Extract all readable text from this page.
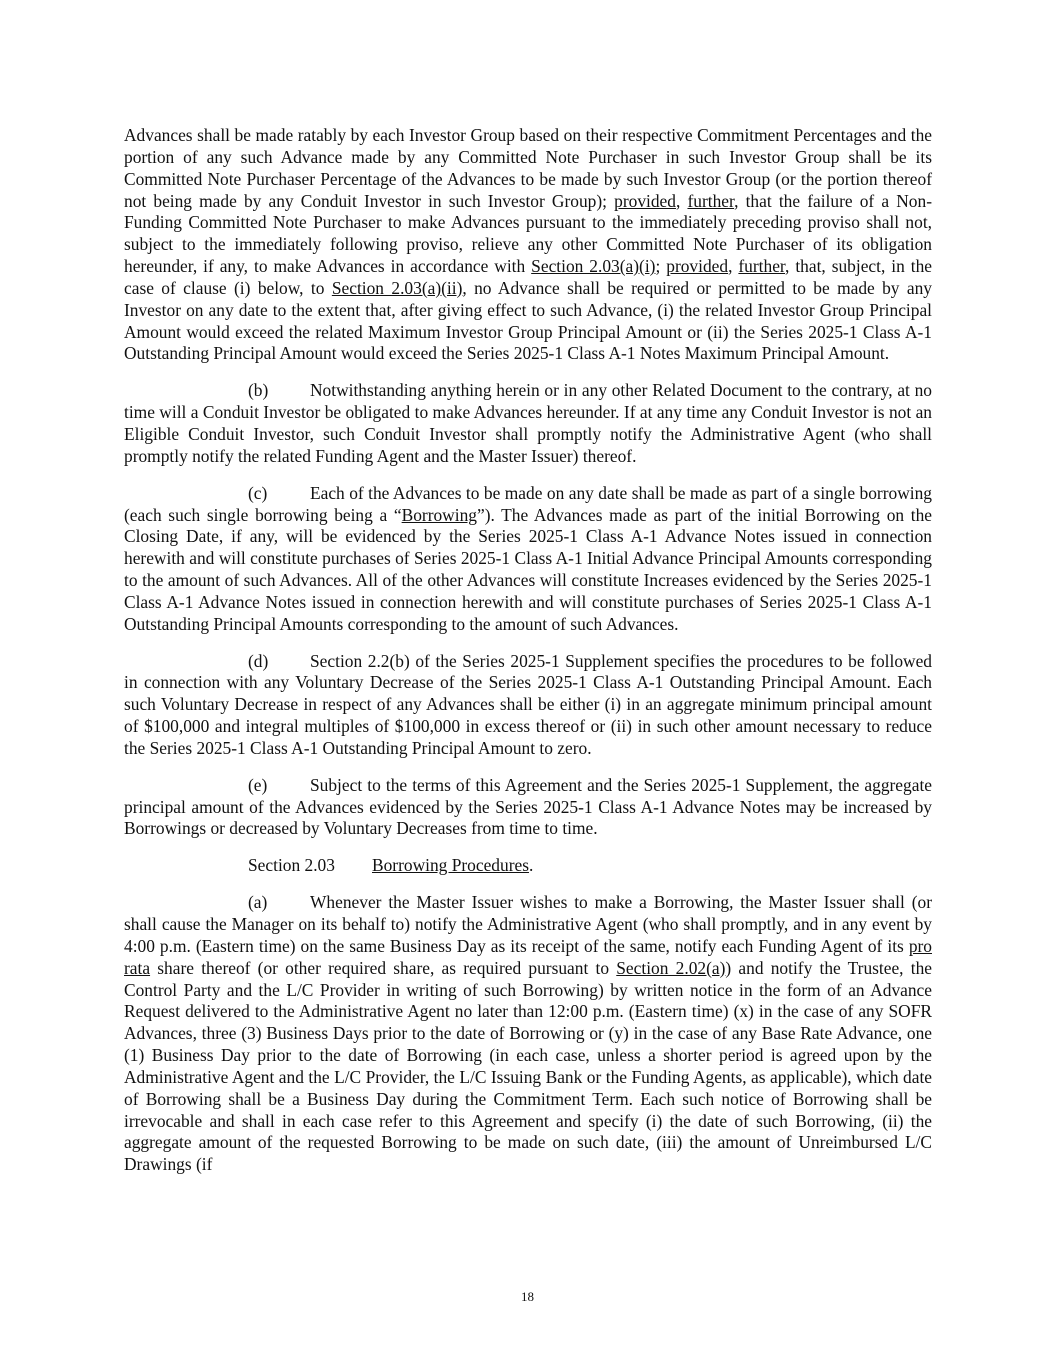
Advances shall be made ratably by each Investor Group based on their respective Commitment Percentages and the portion of any such Advance made by any Committed Note Purchaser in such Investor Group shall be its Committed Note Purchaser Percentage of the Advances to be made by such Investor Group (or the portion thereof not being made by any Conduit Investor in such Investor Group); provided, further, that the failure of a Non-Funding Committed Note Purchaser to make Advances pursuant to the immediately preceding proviso shall not, subject to the immediately following proviso, relieve any other Committed Note Purchaser of its obligation hereunder, if any, to make Advances in accordance with Section 2.03(a)(i); provided, further, that, subject, in the case of clause (i) below, to Section 2.03(a)(ii), no Advance shall be required or permitted to be made by any Investor on any date to the extent that, after giving effect to such Advance, (i) the related Investor Group Principal Amount would exceed the related Maximum Investor Group Principal Amount or (ii) the Series 2025-1 Class A-1 Outstanding Principal Amount would exceed the Series 2025-1 Class A-1 Notes Maximum Principal Amount.

(b) Notwithstanding anything herein or in any other Related Document to the contrary, at no time will a Conduit Investor be obligated to make Advances hereunder. If at any time any Conduit Investor is not an Eligible Conduit Investor, such Conduit Investor shall promptly notify the Administrative Agent (who shall promptly notify the related Funding Agent and the Master Issuer) thereof.

(c) Each of the Advances to be made on any date shall be made as part of a single borrowing (each such single borrowing being a “Borrowing”). The Advances made as part of the initial Borrowing on the Closing Date, if any, will be evidenced by the Series 2025-1 Class A-1 Advance Notes issued in connection herewith and will constitute purchases of Series 2025-1 Class A-1 Initial Advance Principal Amounts corresponding to the amount of such Advances. All of the other Advances will constitute Increases evidenced by the Series 2025-1 Class A-1 Advance Notes issued in connection herewith and will constitute purchases of Series 2025-1 Class A-1 Outstanding Principal Amounts corresponding to the amount of such Advances.

(d) Section 2.2(b) of the Series 2025-1 Supplement specifies the procedures to be followed in connection with any Voluntary Decrease of the Series 2025-1 Class A-1 Outstanding Principal Amount. Each such Voluntary Decrease in respect of any Advances shall be either (i) in an aggregate minimum principal amount of $100,000 and integral multiples of $100,000 in excess thereof or (ii) in such other amount necessary to reduce the Series 2025-1 Class A-1 Outstanding Principal Amount to zero.

(e) Subject to the terms of this Agreement and the Series 2025-1 Supplement, the aggregate principal amount of the Advances evidenced by the Series 2025-1 Class A-1 Advance Notes may be increased by Borrowings or decreased by Voluntary Decreases from time to time.

Section 2.03 Borrowing Procedures.

(a) Whenever the Master Issuer wishes to make a Borrowing, the Master Issuer shall (or shall cause the Manager on its behalf to) notify the Administrative Agent (who shall promptly, and in any event by 4:00 p.m. (Eastern time) on the same Business Day as its receipt of the same, notify each Funding Agent of its pro rata share thereof (or other required share, as required pursuant to Section 2.02(a)) and notify the Trustee, the Control Party and the L/C Provider in writing of such Borrowing) by written notice in the form of an Advance Request delivered to the Administrative Agent no later than 12:00 p.m. (Eastern time) (x) in the case of any SOFR Advances, three (3) Business Days prior to the date of Borrowing or (y) in the case of any Base Rate Advance, one (1) Business Day prior to the date of Borrowing (in each case, unless a shorter period is agreed upon by the Administrative Agent and the L/C Provider, the L/C Issuing Bank or the Funding Agents, as applicable), which date of Borrowing shall be a Business Day during the Commitment Term. Each such notice of Borrowing shall be irrevocable and shall in each case refer to this Agreement and specify (i) the date of such Borrowing, (ii) the aggregate amount of the requested Borrowing to be made on such date, (iii) the amount of Unreimbursed L/C Drawings (if

18
